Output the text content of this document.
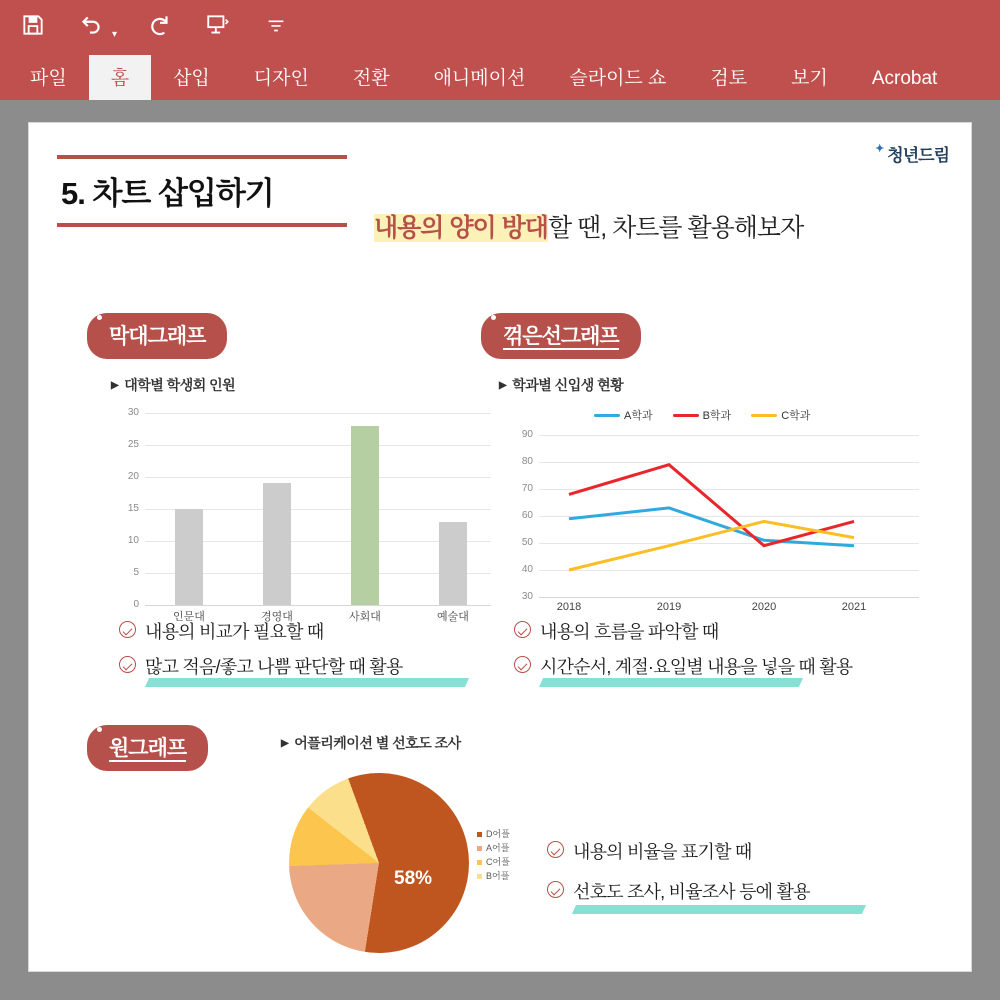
▾
파일	홈	삽입	디자인	전환	애니메이션	슬라이드 쇼	검토	보기	Acrobat
✦ 청년드림
5. 차트 삽입하기
내용의 양이 방대할 땐, 차트를 활용해보자
막대그래프
▶ 대학별 학생회 인원
30
25
20
15
10
5
0
인문대	경영대	사회대	예술대
내용의 비교가 필요할 때
많고 적음/좋고 나쁨 판단할 때 활용
꺾은선그래프
▶ 학과별 신입생 현황
A학과	B학과	C학과
90
80
70
60
50
40
30
2018	2019	2020	2021
내용의 흐름을 파악할 때
시간순서, 계절·요일별 내용을 넣을 때 활용
원그래프	▶ 어플리케이션 별 선호도 조사
58%
D어플
A어플
C어플
B어플
내용의 비율을 표기할 때
선호도 조사, 비율조사 등에 활용
